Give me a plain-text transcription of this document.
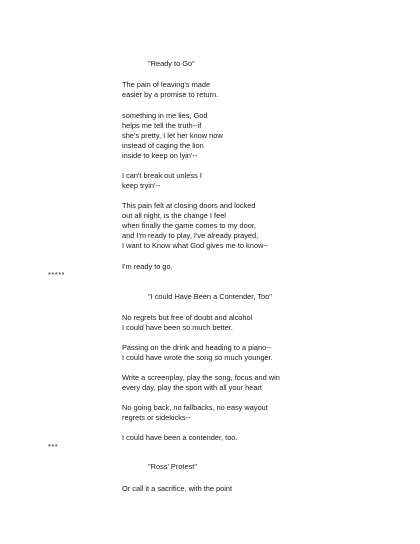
"Ready to Go"

The pain of leaving's made

easier by a promise to return.

something in me lies, God

helps me tell the truth--if

she's pretty, I let her know now

instead of caging the lion

inside to keep on lyin'--

I can't break out unless I

keep tryin'--

This pain felt at closing doors and locked

out all night, is the change I feel

when finally the game comes to my door,

and I'm ready to play, I've already prayed,

I want to Know what God gives me to know--

I'm ready to go.

*****

"I could Have Been a Contender, Too"

No regrets but free of doubt and alcohol

I could have been so much better.

Passing on the drink and heading to a piano--

I could have wrote the song so much younger.

Write a screenplay, play the song, focus and win

every day, play the sport with all your heart

No going back, no fallbacks, no easy wayout

regrets or sidekicks--

I could have been a contender, too.

***

"Ross' Protest"

Or call it a sacrifice, with the point
